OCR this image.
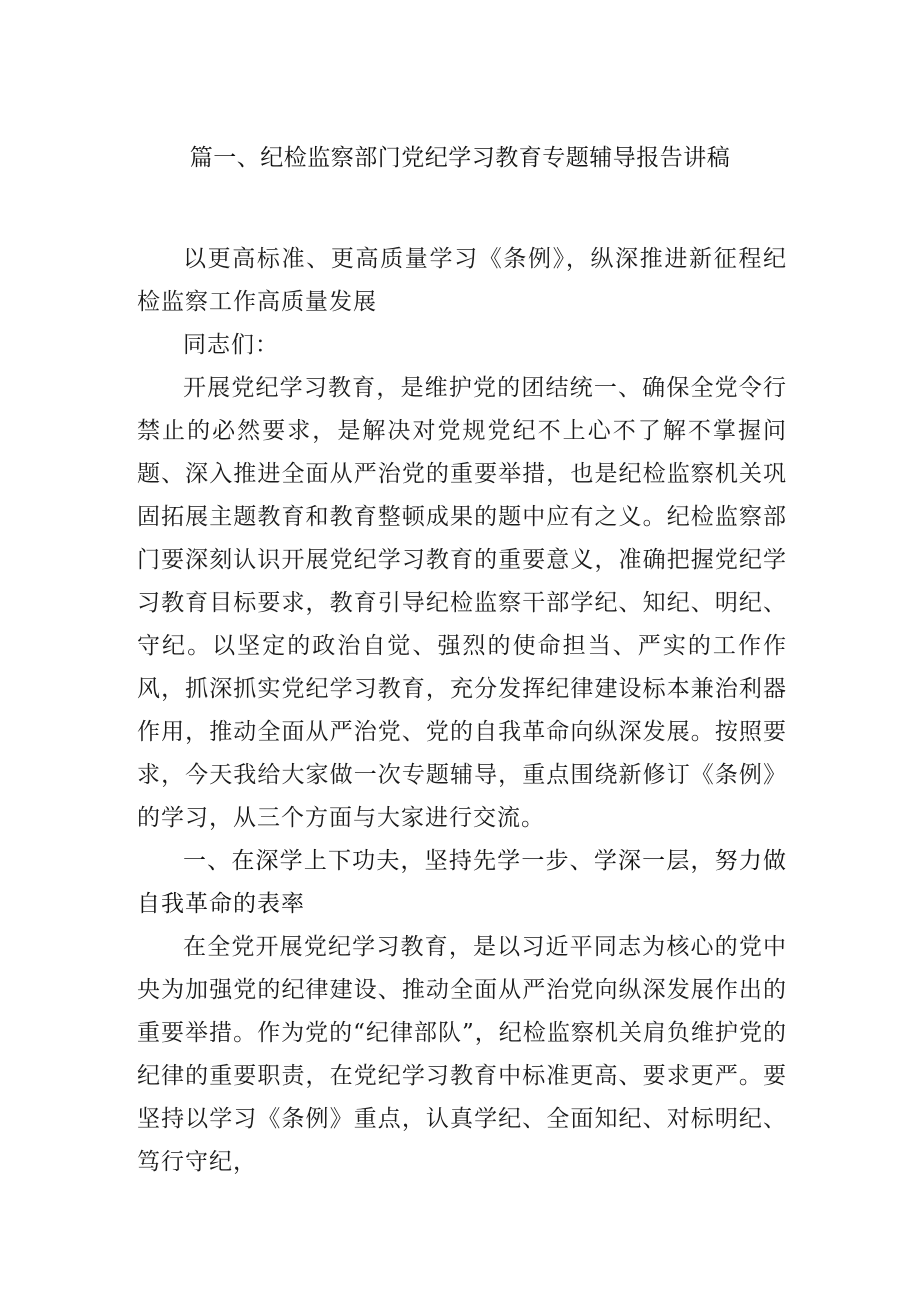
篇一、纪检监察部门党纪学习教育专题辅导报告讲稿

以更高标准、更高质量学习《条例》，纵深推进新征程纪检监察工作高质量发展

同志们：

开展党纪学习教育，是维护党的团结统一、确保全党令行禁止的必然要求，是解决对党规党纪不上心不了解不掌握问题、深入推进全面从严治党的重要举措，也是纪检监察机关巩固拓展主题教育和教育整顿成果的题中应有之义。纪检监察部门要深刻认识开展党纪学习教育的重要意义，准确把握党纪学习教育目标要求，教育引导纪检监察干部学纪、知纪、明纪、守纪。以坚定的政治自觉、强烈的使命担当、严实的工作作风，抓深抓实党纪学习教育，充分发挥纪律建设标本兼治利器作用，推动全面从严治党、党的自我革命向纵深发展。按照要求，今天我给大家做一次专题辅导，重点围绕新修订《条例》的学习，从三个方面与大家进行交流。

一、在深学上下功夫，坚持先学一步、学深一层，努力做自我革命的表率

在全党开展党纪学习教育，是以习近平同志为核心的党中央为加强党的纪律建设、推动全面从严治党向纵深发展作出的重要举措。作为党的“纪律部队”，纪检监察机关肩负维护党的纪律的重要职责，在党纪学习教育中标准更高、要求更严。要坚持以学习《条例》重点，认真学纪、全面知纪、对标明纪、笃行守纪，
